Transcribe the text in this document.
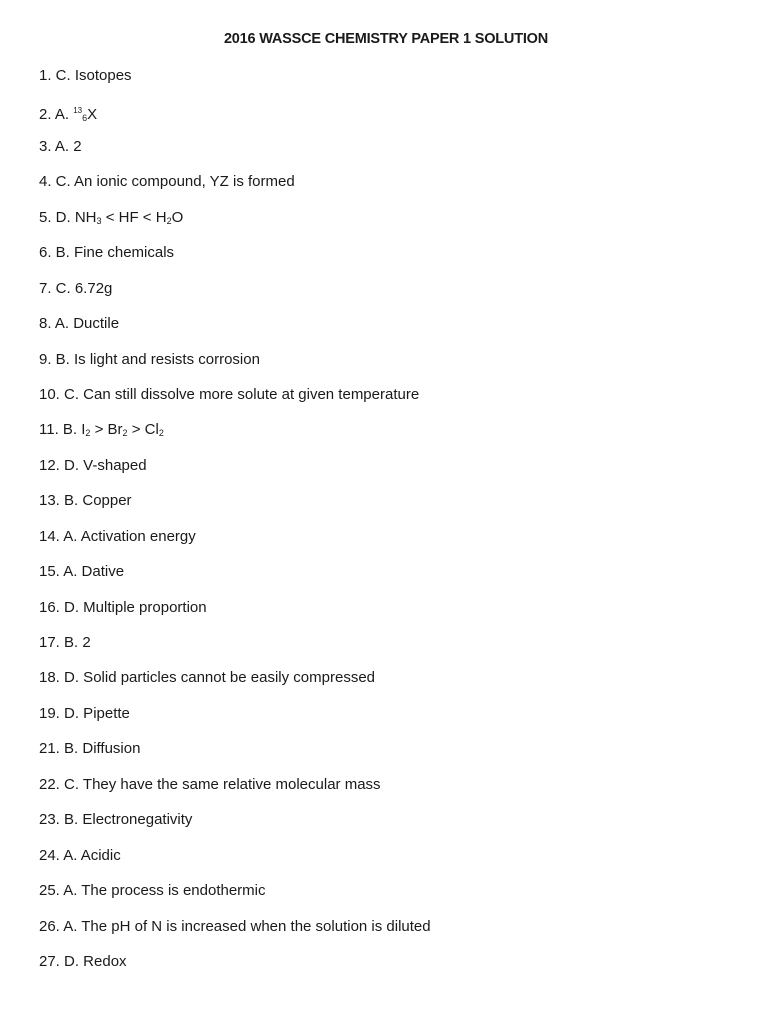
2016 WASSCE CHEMISTRY PAPER 1 SOLUTION
1. C. Isotopes
2. A. $^{13}_6$X
3. A. 2
4. C. An ionic compound, YZ is formed
5. D. $NH_3$ < HF < $H_2O$
6. B. Fine chemicals
7. C. 6.72g
8. A. Ductile
9. B. Is light and resists corrosion
10. C. Can still dissolve more solute at given temperature
11. B. $I_2 > Br_2 > Cl_2$
12. D. V-shaped
13. B. Copper
14. A. Activation energy
15. A. Dative
16. D. Multiple proportion
17. B. 2
18. D. Solid particles cannot be easily compressed
19. D. Pipette
21. B. Diffusion
22. C. They have the same relative molecular mass
23. B. Electronegativity
24. A. Acidic
25. A. The process is endothermic
26. A. The pH of N is increased when the solution is diluted
27. D. Redox
